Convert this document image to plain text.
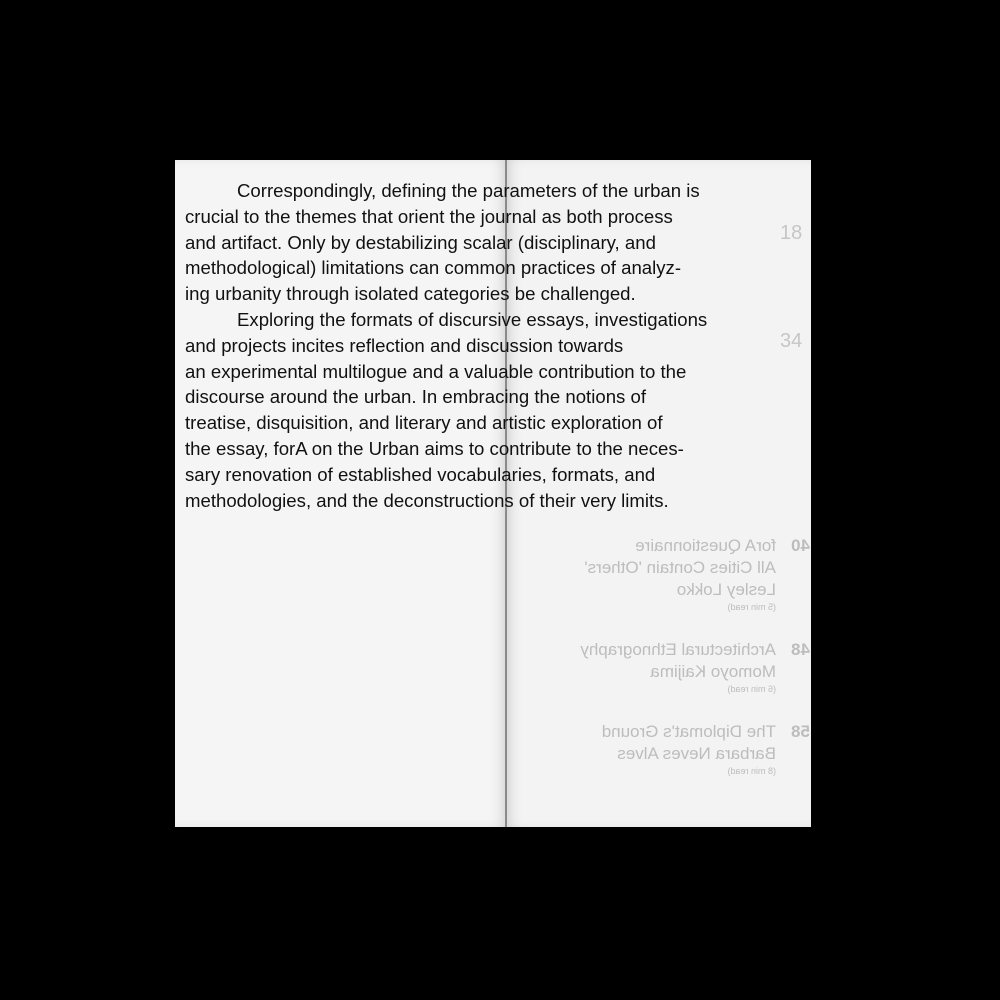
40forA Questionnaire
All Cities Contain 'Others'
Lesley Lokko
(5 min read)
48Architectural Ethnography
Momoyo Kaijima
(6 min read)
58The Diplomat's Ground
Barbara Neves Alves
(8 min read)
18
34

Correspondingly, defining the parameters of the urban is
crucial to the themes that orient the journal as both process
and artifact. Only by destabilizing scalar (disciplinary, and
methodological) limitations can common practices of analyz-
ing urbanity through isolated categories be challenged.

Exploring the formats of discursive essays, investigations
and projects incites reflection and discussion towards
an experimental multilogue and a valuable contribution to the
discourse around the urban. In embracing the notions of
treatise, disquisition, and literary and artistic exploration of
the essay, forA on the Urban aims to contribute to the neces-
sary renovation of established vocabularies, formats, and
methodologies, and the deconstructions of their very limits.
